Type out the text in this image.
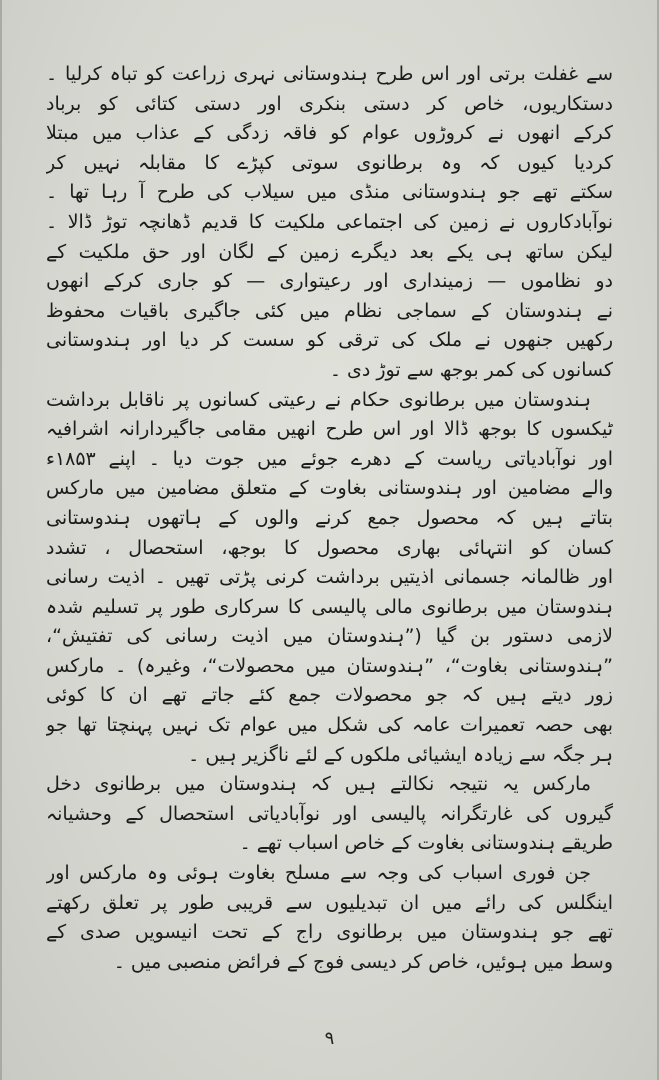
سے غفلت برتی اور اس طرح ہندوستانی نہری زراعت کو تباہ کرلیا ۔
دستکاریوں، خاص کر دستی بنکری اور دستی کتائی کو برباد
کرکے انھوں نے کروڑوں عوام کو فاقہ زدگی کے عذاب میں مبتلا
کردیا کیوں کہ وہ برطانوی سوتی کپڑے کا مقابلہ نہیں کر
سکتے تھے جو ہندوستانی منڈی میں سیلاب کی طرح آ رہا تھا ۔
نوآبادکاروں نے زمین کی اجتماعی ملکیت کا قدیم ڈھانچہ توڑ ڈالا ۔
لیکن ساتھ ہی یکے بعد دیگرے زمین کے لگان اور حق ملکیت کے
دو نظاموں — زمینداری اور رعیتواری — کو جاری کرکے انھوں
نے ہندوستان کے سماجی نظام میں کئی جاگیری باقیات محفوظ
رکھیں جنھوں نے ملک کی ترقی کو سست کر دیا اور ہندوستانی
کسانوں کی کمر بوجھ سے توڑ دی ۔
ہندوستان میں برطانوی حکام نے رعیتی کسانوں پر ناقابل برداشت
ٹیکسوں کا بوجھ ڈالا اور اس طرح انھیں مقامی جاگیردارانہ اشرافیہ
اور نوآبادیاتی ریاست کے دھرے جوئے میں جوت دیا ۔ اپنے ۱۸۵۳ء
والے مضامین اور ہندوستانی بغاوت کے متعلق مضامین میں مارکس
بتاتے ہیں کہ محصول جمع کرنے والوں کے ہاتھوں ہندوستانی
کسان کو انتہائی بھاری محصول کا بوجھ، استحصال ، تشدد
اور ظالمانہ جسمانی اذیتیں برداشت کرنی پڑتی تھیں ۔ اذیت رسانی
ہندوستان میں برطانوی مالی پالیسی کا سرکاری طور پر تسلیم شدہ
لازمی دستور بن گیا (”ہندوستان میں اذیت رسانی کی تفتیش“،
”ہندوستانی بغاوت“، ”ہندوستان میں محصولات“، وغیرہ) ۔ مارکس
زور دیتے ہیں کہ جو محصولات جمع کئے جاتے تھے ان کا کوئی
بھی حصہ تعمیرات عامہ کی شکل میں عوام تک نہیں پہنچتا تھا جو
ہر جگہ سے زیادہ ایشیائی ملکوں کے لئے ناگزیر ہیں ۔
مارکس یہ نتیجہ نکالتے ہیں کہ ہندوستان میں برطانوی دخل
گیروں کی غارتگرانہ پالیسی اور نوآبادیاتی استحصال کے وحشیانہ
طریقے ہندوستانی بغاوت کے خاص اسباب تھے ۔
جن فوری اسباب کی وجہ سے مسلح بغاوت ہوئی وہ مارکس اور
اینگلس کی رائے میں ان تبدیلیوں سے قریبی طور پر تعلق رکھتے
تھے جو ہندوستان میں برطانوی راج کے تحت انیسویں صدی کے
وسط میں ہوئیں، خاص کر دیسی فوج کے فرائض منصبی میں ۔
۹
